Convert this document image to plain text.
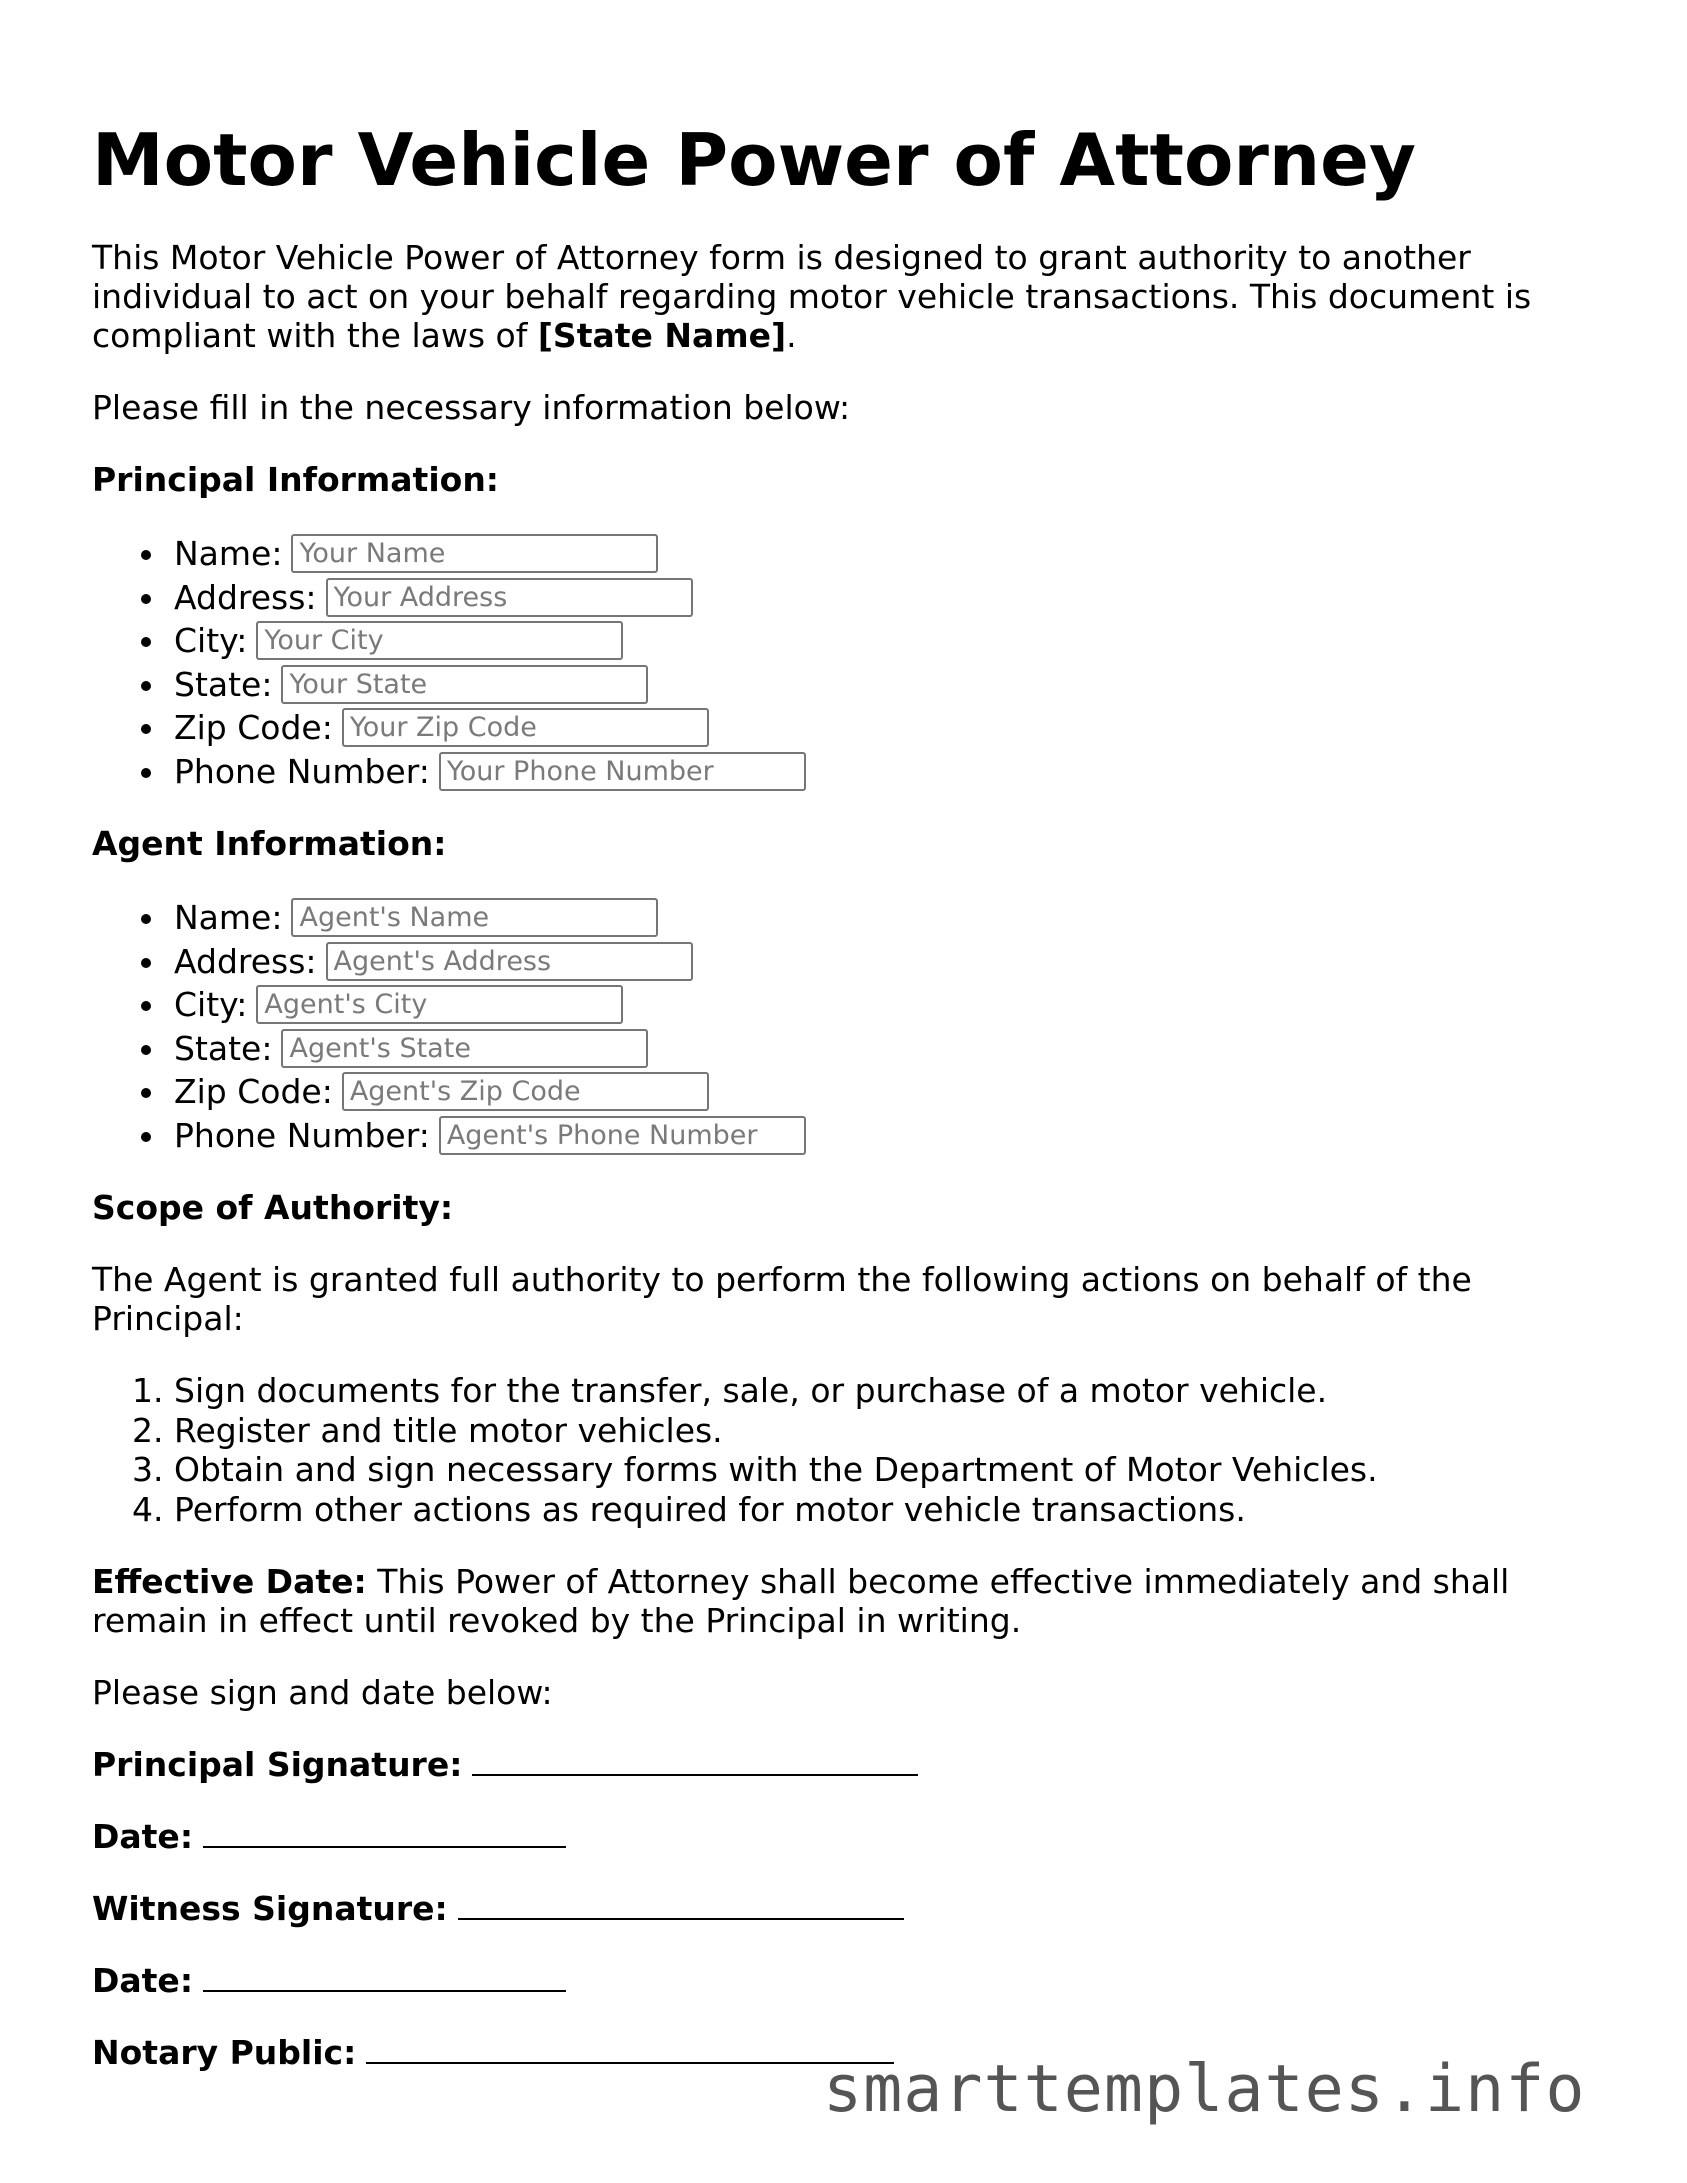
Motor Vehicle Power of Attorney

This Motor Vehicle Power of Attorney form is designed to grant authority to another individual to act on your behalf regarding motor vehicle transactions. This document is compliant with the laws of [State Name].

Please fill in the necessary information below:

Principal Information:

Name:
Your Name
Address:
Your Address
City:
Your City
State:
Your State
Zip Code:
Your Zip Code
Phone Number:
Your Phone Number

Agent Information:

Name:
Agent's Name
Address:
Agent's Address
City:
Agent's City
State:
Agent's State
Zip Code:
Agent's Zip Code
Phone Number:
Agent's Phone Number

Scope of Authority:

The Agent is granted full authority to perform the following actions on behalf of the Principal:

1. Sign documents for the transfer, sale, or purchase of a motor vehicle.
2. Register and title motor vehicles.
3. Obtain and sign necessary forms with the Department of Motor Vehicles.
4. Perform other actions as required for motor vehicle transactions.

Effective Date: This Power of Attorney shall become effective immediately and shall remain in effect until revoked by the Principal in writing.

Please sign and date below:

Principal Signature:

Date:

Witness Signature:

Date:

Notary Public:	smarttemplates.info
